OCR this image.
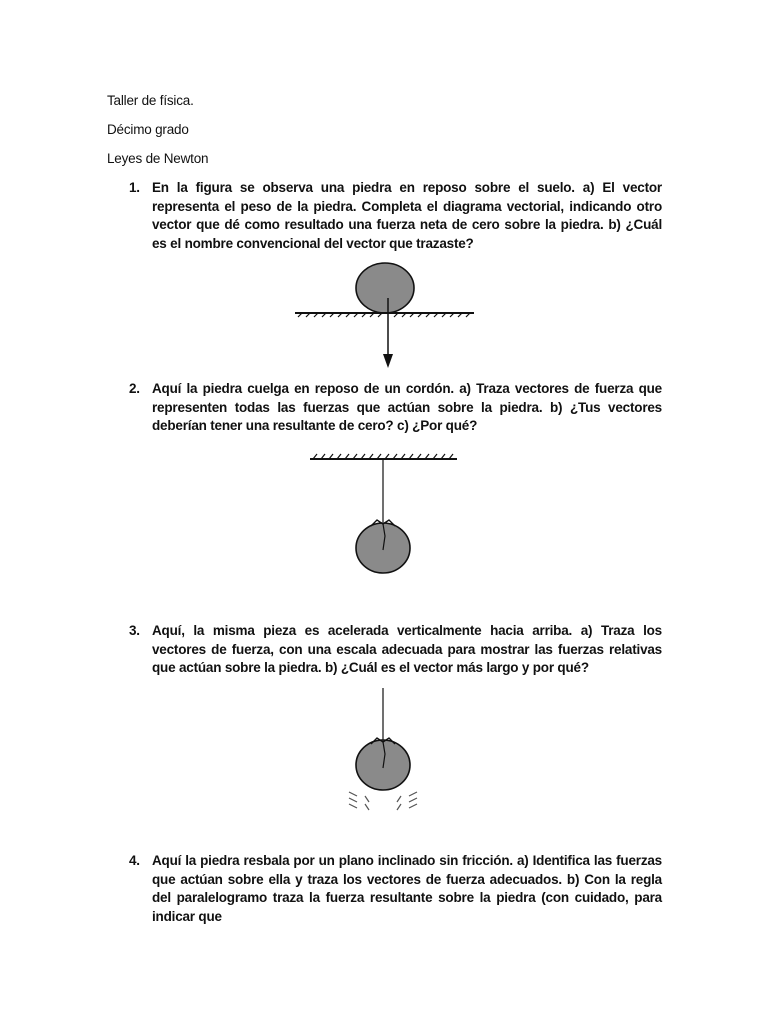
Taller de física.
Décimo grado
Leyes de Newton
1. En la figura se observa una piedra en reposo sobre el suelo. a) El vector representa el peso de la piedra. Completa el diagrama vectorial, indicando otro vector que dé como resultado una fuerza neta de cero sobre la piedra. b) ¿Cuál es el nombre convencional del vector que trazaste?
2. Aquí la piedra cuelga en reposo de un cordón. a) Traza vectores de fuerza que representen todas las fuerzas que actúan sobre la piedra. b) ¿Tus vectores deberían tener una resultante de cero? c) ¿Por qué?
3. Aquí, la misma pieza es acelerada verticalmente hacia arriba. a) Traza los vectores de fuerza, con una escala adecuada para mostrar las fuerzas relativas que actúan sobre la piedra. b) ¿Cuál es el vector más largo y por qué?
4. Aquí la piedra resbala por un plano inclinado sin fricción. a) Identifica las fuerzas que actúan sobre ella y traza los vectores de fuerza adecuados. b) Con la regla del paralelogramo traza la fuerza resultante sobre la piedra (con cuidado, para indicar que
